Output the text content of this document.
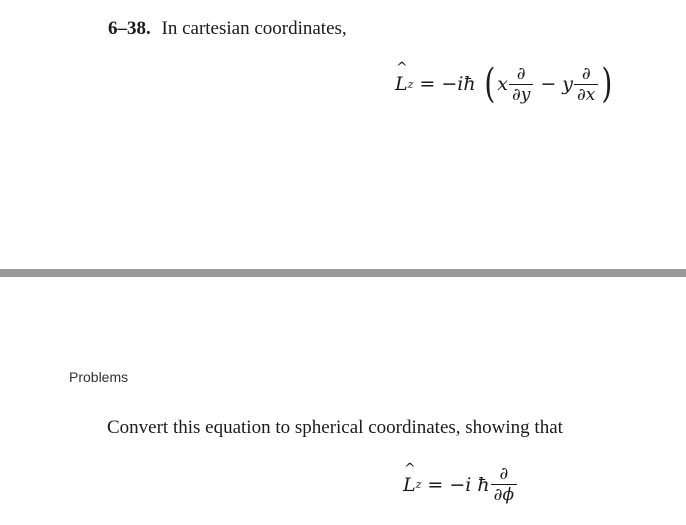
6–38. In cartesian coordinates,
^
L z = −iħ ( x $\frac{\partial}{\partial y} - y \frac{\partial}{\partial x}$ )
Problems
Convert this equation to spherical coordinates, showing that
^
L z = −i ħ $\frac{\partial}{\partial\phi}$
